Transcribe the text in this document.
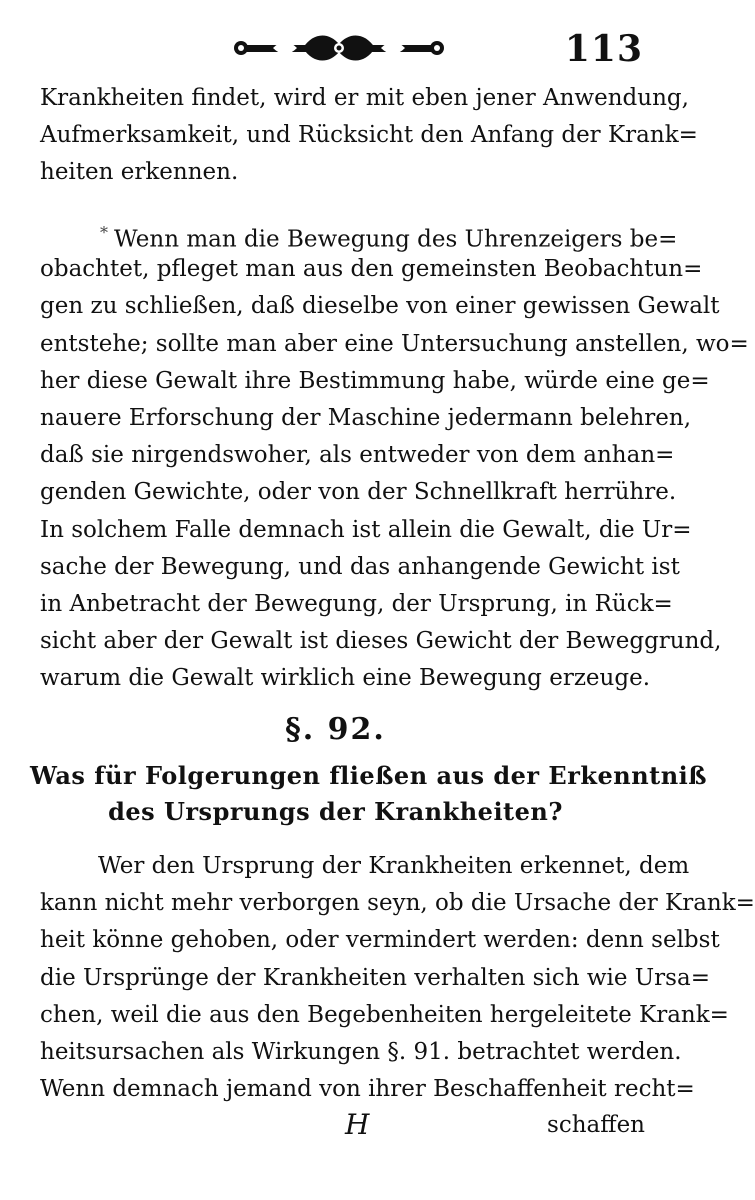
113
Krankheiten findet, wird er mit eben jener Anwendung,
Aufmerksamkeit, und Rücksicht den Anfang der Krank=
heiten erkennen.
* Wenn man die Bewegung des Uhrenzeigers be=
obachtet, pfleget man aus den gemeinsten Beobachtun=
gen zu schließen, daß dieselbe von einer gewissen Gewalt
entstehe; sollte man aber eine Untersuchung anstellen, wo=
her diese Gewalt ihre Bestimmung habe, würde eine ge=
nauere Erforschung der Maschine jedermann belehren,
daß sie nirgendswoher, als entweder von dem anhan=
genden Gewichte, oder von der Schnellkraft herrühre.
In solchem Falle demnach ist allein die Gewalt, die Ur=
sache der Bewegung, und das anhangende Gewicht ist
in Anbetracht der Bewegung, der Ursprung, in Rück=
sicht aber der Gewalt ist dieses Gewicht der Beweggrund,
warum die Gewalt wirklich eine Bewegung erzeuge.
§. 92.
Was für Folgerungen fließen aus der Erkenntniß
des Ursprungs der Krankheiten?
Wer den Ursprung der Krankheiten erkennet, dem
kann nicht mehr verborgen seyn, ob die Ursache der Krank=
heit könne gehoben, oder vermindert werden: denn selbst
die Ursprünge der Krankheiten verhalten sich wie Ursa=
chen, weil die aus den Begebenheiten hergeleitete Krank=
heitsursachen als Wirkungen §. 91. betrachtet werden.
Wenn demnach jemand von ihrer Beschaffenheit recht=
H	schaffen
